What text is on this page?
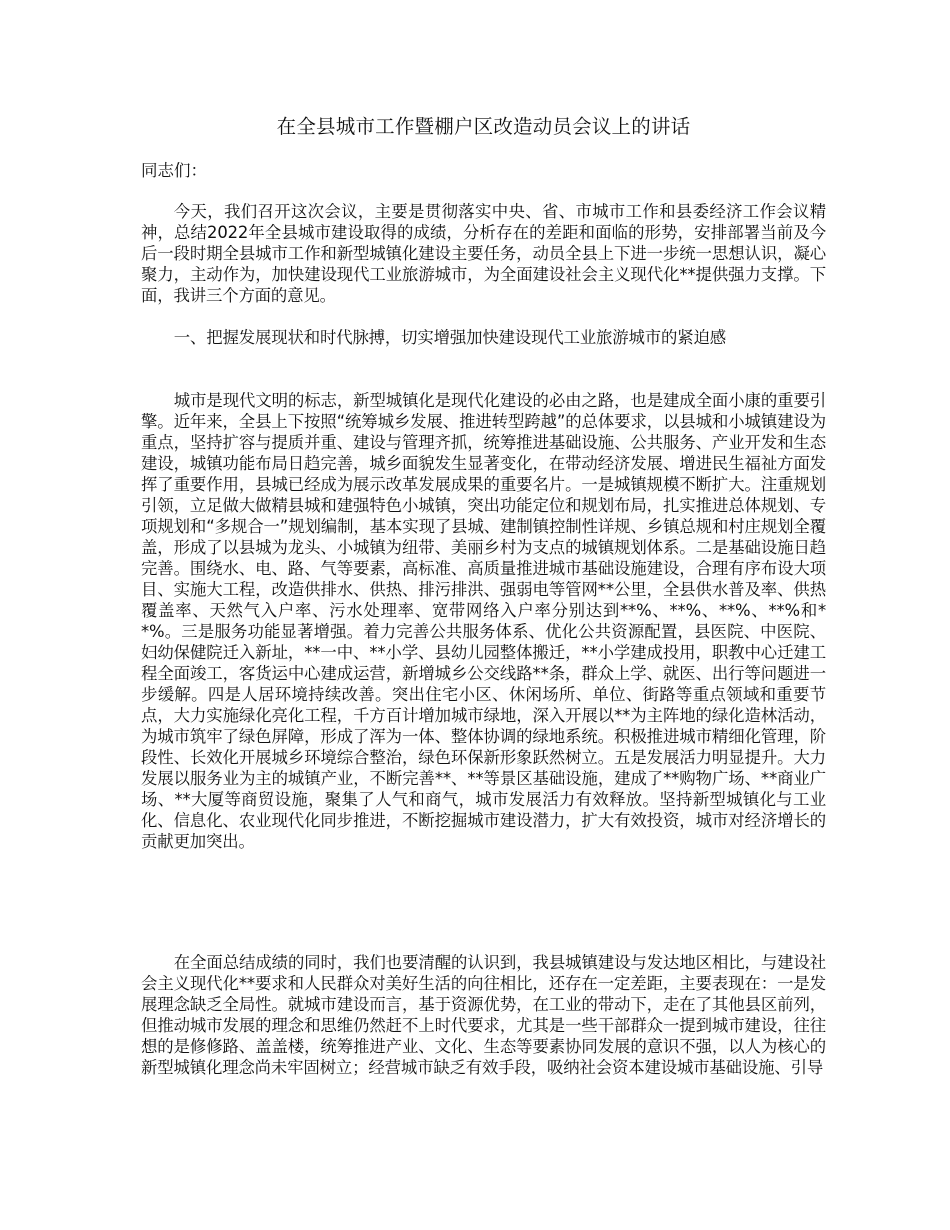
在全县城市工作暨棚户区改造动员会议上的讲话
同志们：

今天，我们召开这次会议，主要是贯彻落实中央、省、市城市工作和县委经济工作会议精神，总结2022年全县城市建设取得的成绩，分析存在的差距和面临的形势，安排部署当前及今后一段时期全县城市工作和新型城镇化建设主要任务，动员全县上下进一步统一思想认识，凝心聚力，主动作为，加快建设现代工业旅游城市，为全面建设社会主义现代化**提供强力支撑。下面，我讲三个方面的意见。

一、把握发展现状和时代脉搏，切实增强加快建设现代工业旅游城市的紧迫感

城市是现代文明的标志，新型城镇化是现代化建设的必由之路，也是建成全面小康的重要引擎。近年来，全县上下按照“统筹城乡发展、推进转型跨越”的总体要求，以县城和小城镇建设为重点，坚持扩容与提质并重、建设与管理齐抓，统筹推进基础设施、公共服务、产业开发和生态建设，城镇功能布局日趋完善，城乡面貌发生显著变化，在带动经济发展、增进民生福祉方面发挥了重要作用，县城已经成为展示改革发展成果的重要名片。一是城镇规模不断扩大。注重规划引领，立足做大做精县城和建强特色小城镇，突出功能定位和规划布局，扎实推进总体规划、专项规划和“多规合一”规划编制，基本实现了县城、建制镇控制性详规、乡镇总规和村庄规划全覆盖，形成了以县城为龙头、小城镇为纽带、美丽乡村为支点的城镇规划体系。二是基础设施日趋完善。围绕水、电、路、气等要素，高标准、高质量推进城市基础设施建设，合理有序布设大项目、实施大工程，改造供排水、供热、排污排洪、强弱电等管网**公里，全县供水普及率、供热覆盖率、天然气入户率、污水处理率、宽带网络入户率分别达到**%、**%、**%、**%和**%。三是服务功能显著增强。着力完善公共服务体系、优化公共资源配置，县医院、中医院、妇幼保健院迁入新址，**一中、**小学、县幼儿园整体搬迁，**小学建成投用，职教中心迁建工程全面竣工，客货运中心建成运营，新增城乡公交线路**条，群众上学、就医、出行等问题进一步缓解。四是人居环境持续改善。突出住宅小区、休闲场所、单位、街路等重点领域和重要节点，大力实施绿化亮化工程，千方百计增加城市绿地，深入开展以**为主阵地的绿化造林活动，为城市筑牢了绿色屏障，形成了浑为一体、整体协调的绿地系统。积极推进城市精细化管理，阶段性、长效化开展城乡环境综合整治，绿色环保新形象跃然树立。五是发展活力明显提升。大力发展以服务业为主的城镇产业，不断完善**、**等景区基础设施，建成了**购物广场、**商业广场、**大厦等商贸设施，聚集了人气和商气，城市发展活力有效释放。坚持新型城镇化与工业化、信息化、农业现代化同步推进，不断挖掘城市建设潜力，扩大有效投资，城市对经济增长的贡献更加突出。

在全面总结成绩的同时，我们也要清醒的认识到，我县城镇建设与发达地区相比，与建设社会主义现代化**要求和人民群众对美好生活的向往相比，还存在一定差距，主要表现在：一是发展理念缺乏全局性。就城市建设而言，基于资源优势，在工业的带动下，走在了其他县区前列，但推动城市发展的理念和思维仍然赶不上时代要求，尤其是一些干部群众一提到城市建设，往往想的是修修路、盖盖楼，统筹推进产业、文化、生态等要素协同发展的意识不强，以人为核心的新型城镇化理念尚未牢固树立；经营城市缺乏有效手段，吸纳社会资本建设城市基础设施、引导
